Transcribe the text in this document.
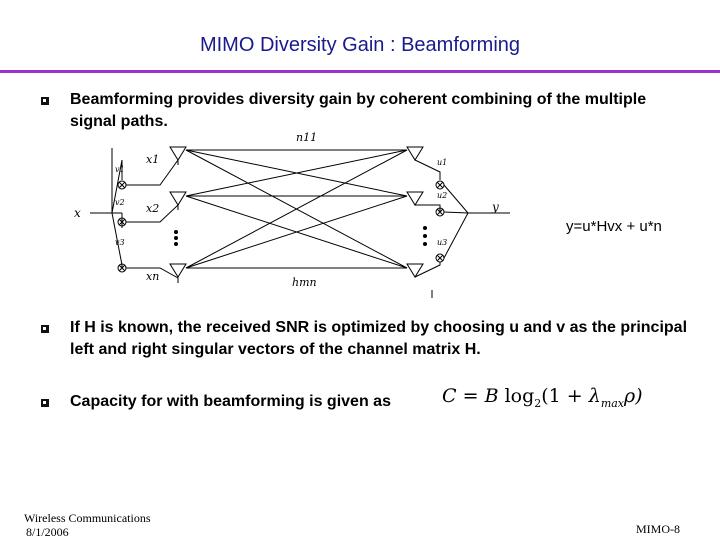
MIMO Diversity Gain : Beamforming
Beamforming provides diversity gain by coherent combining of the multiple signal paths.
x	y
x1
x2
xn
v1
v2
v3
u1
u2
u3
n11
hmn
y=u*Hvx + u*n
If H is known, the received SNR is optimized by choosing u and v as the principal left and right singular vectors of the channel matrix H.
Capacity for with beamforming is given as	C = B $\log_2(1 + \lambda_{max}\rho)$
Wireless Communications
8/1/2006	MIMO-8
